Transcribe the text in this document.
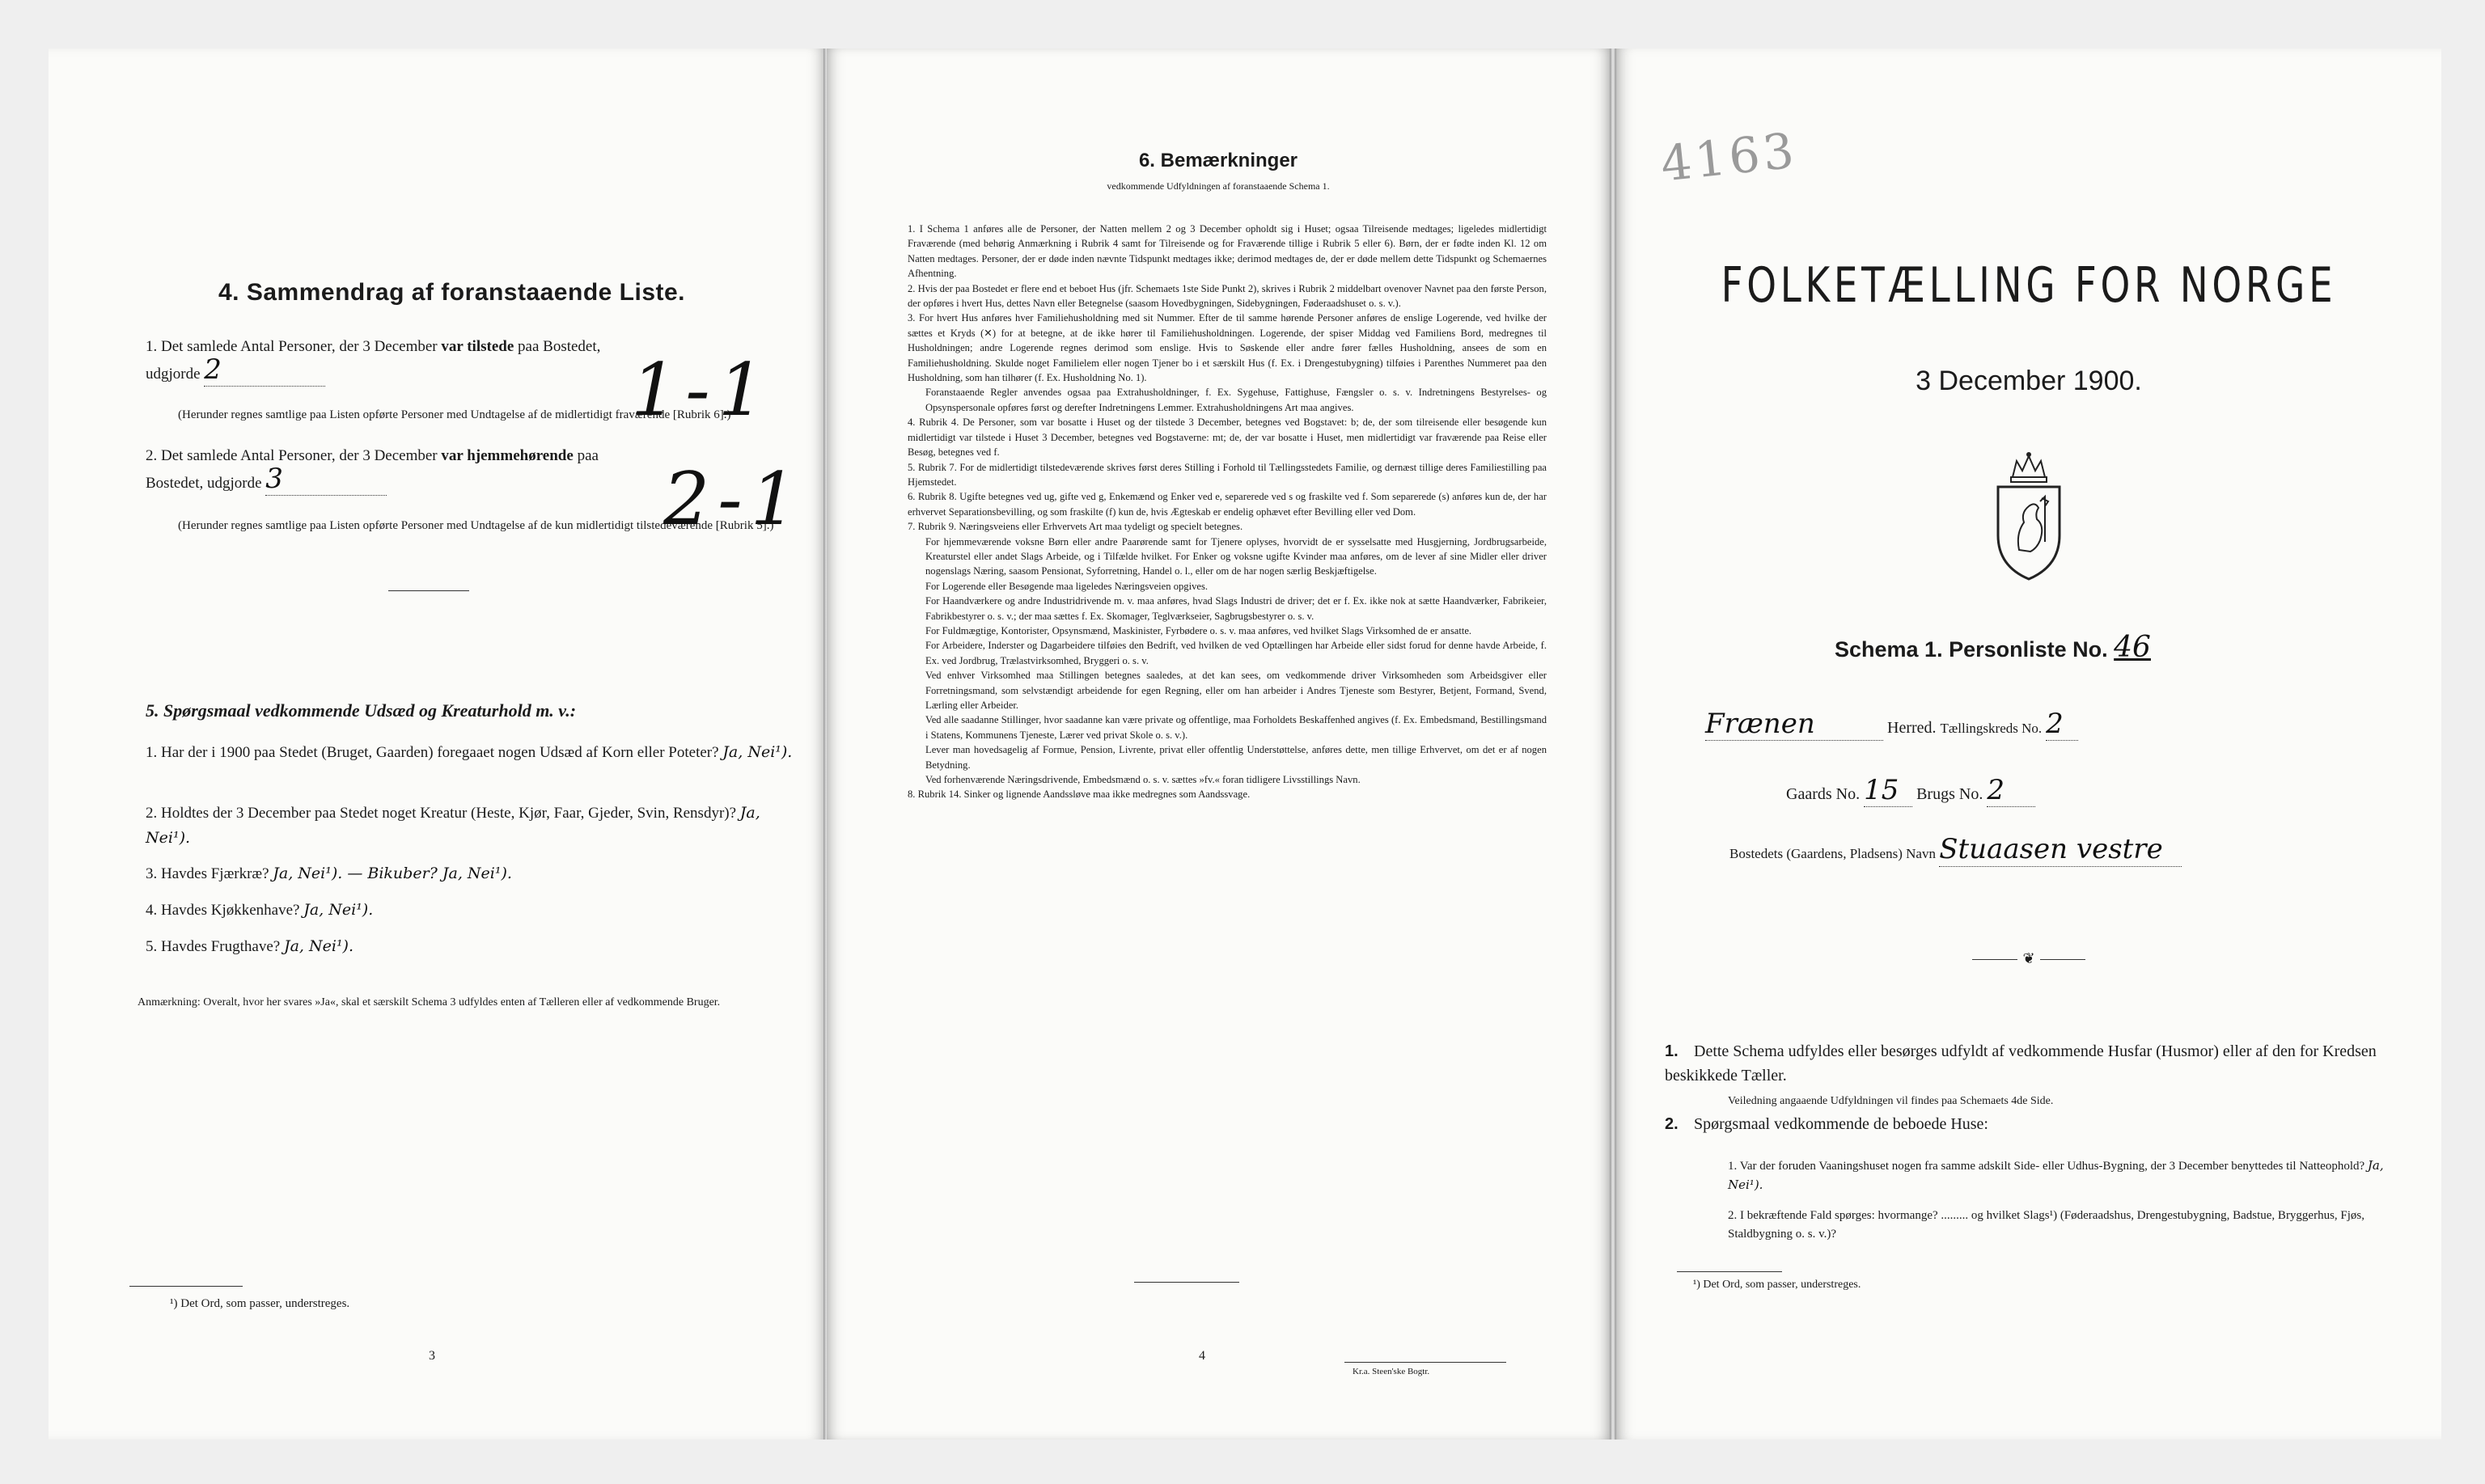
4. Sammendrag af foranstaaende Liste.
1. Det samlede Antal Personer, der 3 December var tilstede paa Bostedet,
udgjorde 2
(Herunder regnes samtlige paa Listen opførte Personer med Undtagelse af de midlertidigt fraværende [Rubrik 6].)
1-1
2. Det samlede Antal Personer, der 3 December var hjemmehørende paa
Bostedet, udgjorde 3
(Herunder regnes samtlige paa Listen opførte Personer med Undtagelse af de kun midlertidigt tilstedeværende [Rubrik 5].)
2-1
5. Spørgsmaal vedkommende Udsæd og Kreaturhold m. v.:
1. Har der i 1900 paa Stedet (Bruget, Gaarden) foregaaet nogen Udsæd af Korn eller Poteter? Ja, Nei¹).
2. Holdtes der 3 December paa Stedet noget Kreatur (Heste, Kjør, Faar, Gjeder, Svin, Rensdyr)? Ja, Nei¹).
3. Havdes Fjærkræ? Ja, Nei¹). — Bikuber? Ja, Nei¹).
4. Havdes Kjøkkenhave? Ja, Nei¹).
5. Havdes Frugthave? Ja, Nei¹).
Anmærkning: Overalt, hvor her svares »Ja«, skal et særskilt Schema 3 udfyldes enten af Tælleren eller af vedkommende Bruger.
¹) Det Ord, som passer, understreges.
3
6. Bemærkninger
vedkommende Udfyldningen af foranstaaende Schema 1.

1. I Schema 1 anføres alle de Personer, der Natten mellem 2 og 3 December opholdt sig i Huset; ogsaa Tilreisende medtages; ligeledes midlertidigt Fraværende (med behørig Anmærkning i Rubrik 4 samt for Tilreisende og for Fraværende tillige i Rubrik 5 eller 6). Børn, der er fødte inden Kl. 12 om Natten medtages. Personer, der er døde inden nævnte Tidspunkt medtages ikke; derimod medtages de, der er døde mellem dette Tidspunkt og Schemaernes Afhentning.

2. Hvis der paa Bostedet er flere end et beboet Hus (jfr. Schemaets 1ste Side Punkt 2), skrives i Rubrik 2 middelbart ovenover Navnet paa den første Person, der opføres i hvert Hus, dettes Navn eller Betegnelse (saasom Hovedbygningen, Sidebygningen, Føderaadshuset o. s. v.).

3. For hvert Hus anføres hver Familiehusholdning med sit Nummer. Efter de til samme hørende Personer anføres de enslige Logerende, ved hvilke der sættes et Kryds (✕) for at betegne, at de ikke hører til Familiehusholdningen. Logerende, der spiser Middag ved Familiens Bord, medregnes til Husholdningen; andre Logerende regnes derimod som enslige. Hvis to Søskende eller andre fører fælles Husholdning, ansees de som en Familiehusholdning. Skulde noget Familielem eller nogen Tjener bo i et særskilt Hus (f. Ex. i Drengestubygning) tilføies i Parenthes Nummeret paa den Husholdning, som han tilhører (f. Ex. Husholdning No. 1).

Foranstaaende Regler anvendes ogsaa paa Extrahusholdninger, f. Ex. Sygehuse, Fattighuse, Fængsler o. s. v. Indretningens Bestyrelses- og Opsynspersonale opføres først og derefter Indretningens Lemmer. Extrahusholdningens Art maa angives.

4. Rubrik 4. De Personer, som var bosatte i Huset og der tilstede 3 December, betegnes ved Bogstavet: b; de, der som tilreisende eller besøgende kun midlertidigt var tilstede i Huset 3 December, betegnes ved Bogstaverne: mt; de, der var bosatte i Huset, men midlertidigt var fraværende paa Reise eller Besøg, betegnes ved f.

5. Rubrik 7. For de midlertidigt tilstedeværende skrives først deres Stilling i Forhold til Tællingsstedets Familie, og dernæst tillige deres Familiestilling paa Hjemstedet.

6. Rubrik 8. Ugifte betegnes ved ug, gifte ved g, Enkemænd og Enker ved e, separerede ved s og fraskilte ved f. Som separerede (s) anføres kun de, der har erhvervet Separationsbevilling, og som fraskilte (f) kun de, hvis Ægteskab er endelig ophævet efter Bevilling eller ved Dom.

7. Rubrik 9. Næringsveiens eller Erhvervets Art maa tydeligt og specielt betegnes.

For hjemmeværende voksne Børn eller andre Paarørende samt for Tjenere oplyses, hvorvidt de er sysselsatte med Husgjerning, Jordbrugsarbeide, Kreaturstel eller andet Slags Arbeide, og i Tilfælde hvilket. For Enker og voksne ugifte Kvinder maa anføres, om de lever af sine Midler eller driver nogenslags Næring, saasom Pensionat, Syforretning, Handel o. l., eller om de har nogen særlig Beskjæftigelse.

For Logerende eller Besøgende maa ligeledes Næringsveien opgives.

For Haandværkere og andre Industridrivende m. v. maa anføres, hvad Slags Industri de driver; det er f. Ex. ikke nok at sætte Haandværker, Fabrikeier, Fabrikbestyrer o. s. v.; der maa sættes f. Ex. Skomager, Teglværkseier, Sagbrugsbestyrer o. s. v.

For Fuldmægtige, Kontorister, Opsynsmænd, Maskinister, Fyrbødere o. s. v. maa anføres, ved hvilket Slags Virksomhed de er ansatte.

For Arbeidere, Inderster og Dagarbeidere tilføies den Bedrift, ved hvilken de ved Optællingen har Arbeide eller sidst forud for denne havde Arbeide, f. Ex. ved Jordbrug, Trælastvirksomhed, Bryggeri o. s. v.

Ved enhver Virksomhed maa Stillingen betegnes saaledes, at det kan sees, om vedkommende driver Virksomheden som Arbeidsgiver eller Forretningsmand, som selvstændigt arbeidende for egen Regning, eller om han arbeider i Andres Tjeneste som Bestyrer, Betjent, Formand, Svend, Lærling eller Arbeider.

Ved alle saadanne Stillinger, hvor saadanne kan være private og offentlige, maa Forholdets Beskaffenhed angives (f. Ex. Embedsmand, Bestillingsmand i Statens, Kommunens Tjeneste, Lærer ved privat Skole o. s. v.).

Lever man hovedsagelig af Formue, Pension, Livrente, privat eller offentlig Understøttelse, anføres dette, men tillige Erhvervet, om det er af nogen Betydning.

Ved forhenværende Næringsdrivende, Embedsmænd o. s. v. sættes »fv.« foran tidligere Livsstillings Navn.

8. Rubrik 14. Sinker og lignende Aandssløve maa ikke medregnes som Aandssvage.

4
Kr.a. Steen'ske Bogtr.
4163
FOLKETÆLLING FOR NORGE
3 December 1900.
Schema 1. Personliste No. 46
Frænen	Herred. Tællingskreds No. 2
Gaards No. 15 Brugs No. 2
Bostedets (Gaardens, Pladsens) Navn Stuaasen vestre
❦
1. Dette Schema udfyldes eller besørges udfyldt af vedkommende Husfar (Husmor) eller af den for Kredsen beskikkede Tæller.
Veiledning angaaende Udfyldningen vil findes paa Schemaets 4de Side.
2. Spørgsmaal vedkommende de beboede Huse:
1. Var der foruden Vaaningshuset nogen fra samme adskilt Side- eller Udhus-Bygning, der 3 December benyttedes til Natteophold? Ja, Nei¹).
2. I bekræftende Fald spørges: hvormange? ......... og hvilket Slags¹) (Føderaadshus, Drengestubygning, Badstue, Bryggerhus, Fjøs, Staldbygning o. s. v.)?
¹) Det Ord, som passer, understreges.
